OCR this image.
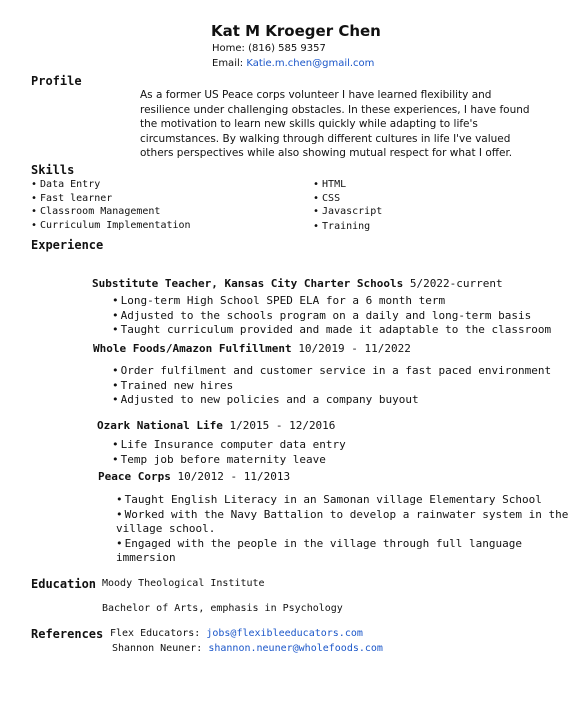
Kat M Kroeger Chen
Home: (816) 585 9357
Email: Katie.m.chen@gmail.com
Profile
As a former US Peace corps volunteer I have learned flexibility and resilience under challenging obstacles. In these experiences, I have found the motivation to learn new skills quickly while adapting to life's circumstances. By walking through different cultures in life I've valued others perspectives while also showing mutual respect for what I offer.
Skills
• Data Entry
• Fast learner
• Classroom Management
• Curriculum Implementation
• HTML
• CSS
• Javascript
• Training
Experience
Substitute Teacher, Kansas City Charter Schools 5/2022-current
• Long-term High School SPED ELA for a 6 month term
• Adjusted to the schools program on a daily and long-term basis
• Taught curriculum provided and made it adaptable to the classroom
Whole Foods/Amazon Fulfillment 10/2019 - 11/2022
• Order fulfilment and customer service in a fast paced environment
• Trained new hires
• Adjusted to new policies and a company buyout
Ozark National Life 1/2015 - 12/2016
• Life Insurance computer data entry
• Temp job before maternity leave
Peace Corps 10/2012 - 11/2013
• Taught English Literacy in an Samonan village Elementary School
• Worked with the Navy Battalion to develop a rainwater system in the village school.
• Engaged with the people in the village through full language immersion
Education Moody Theological Institute
Bachelor of Arts, emphasis in Psychology
References Flex Educators: jobs@flexibleeducators.com
Shannon Neuner: shannon.neuner@wholefoods.com
